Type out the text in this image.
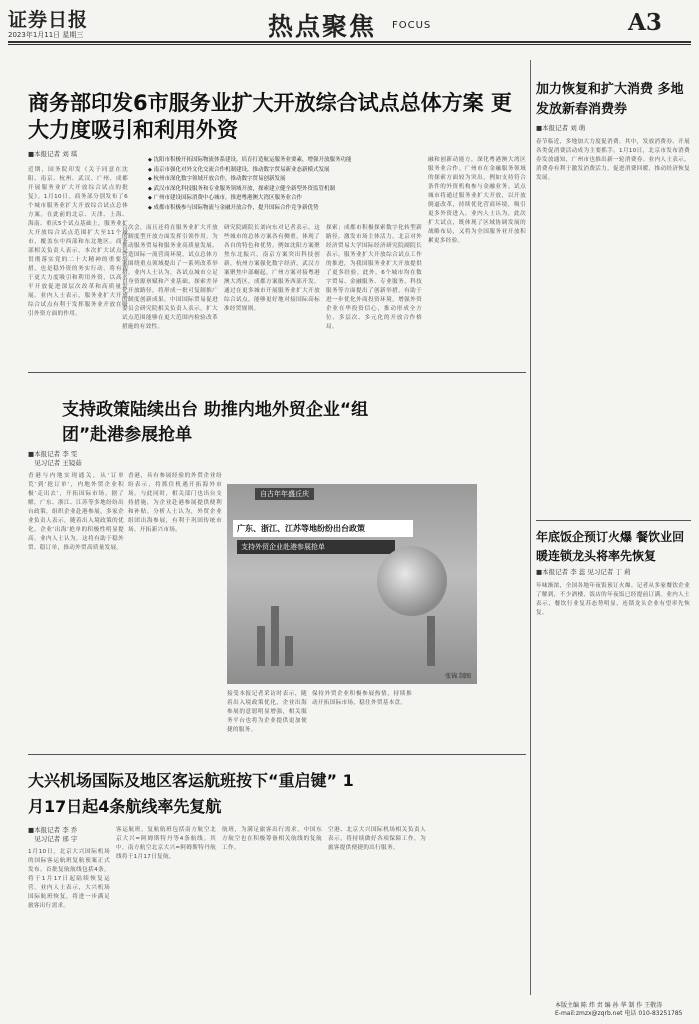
证券日报
2023年1月11日 星期三	热点聚焦 FOCUS	A3
商务部印发6市服务业扩大开放综合试点总体方案 更大力度吸引和利用外资
■本报记者 刘 琪
◆ 沈阳市积极开拓国际物流体系建设，培育打造航运服务业要素，增强开放服务功能
◆ 南京市强化对外文化交流合作机制建设，推动数字贸易新业态新模式发展
◆ 杭州市深化数字领域开放合作，推动数字贸易创新发展
◆ 武汉市深化科技服务和专业服务领域开放，探索建立健全新型外资监管机制
◆ 广州市建设国际消费中心城市，推进粤港澳大湾区服务业合作
◆ 成都市积极参与国际物流与金融开放合作，提升国际合作竞争新优势
近期，国务院印发《关于同意在沈阳、南京、杭州、武汉、广州、成都开展服务业扩大开放综合试点的批复》。1月10日，商务部分别发布了6个城市服务业扩大开放综合试点总体方案。在此前的北京、天津、上海、海南、重庆5个试点基础上，服务业扩大开放综合试点范围扩大至11个城市，覆盖东中西部和东北地区。商务部相关负责人表示，本次扩大试点是贯彻落实党的二十大精神的重要举措，也是稳外资的务实行动，将有利于更大力度吸引和利用外资，以高水平开放促进深层次改革和高质量发展。业内人士表示，服务业扩大开放综合试点有利于发挥服务业开放在吸引外资方面的作用。
合次会，而且还将在服务业扩大开放的制度型开放方面发挥引领作用。为推动服务贸易和服务业高质量发展、营造国际一流营商环境，试点总体方案围绕重点领域提出了一系列改革举措。业内人士认为，各试点城市立足自身资源禀赋和产业基础，探索差异化开放路径，将形成一批可复制推广的制度创新成果。中国国际贸易促进委员会研究院相关负责人表示，扩大试点范围能够在更大范围内检验改革措施的有效性。
研究院副院长刘向东对记者表示，这些城市的总体方案各有侧重，体现了各自的特色和优势。例如沈阳方案聚焦东北振兴，南京方案突出科技创新，杭州方案强化数字经济，武汉方案聚焦中部崛起，广州方案对接粤港澳大湾区，成都方案服务西部开发。通过在更多城市开展服务业扩大开放综合试点，能够更好地对接国际高标准经贸规则。
探索；成都市积极探索数字化转型新路径，激发市场主体活力。北京对外经济贸易大学国际经济研究院副院长表示，服务业扩大开放综合试点工作的推进，为我国服务业扩大开放提供了更多经验。此外，6个城市均在数字贸易、金融服务、专业服务、科技服务等方面提出了创新举措，有助于进一步优化外商投资环境，增强外资企业在华投资信心，推动形成全方位、多层次、多元化的开放合作格局。
融和创新动能方，深化粤港澳大湾区服务业合作。广州市在金融服务领域的探索方面较为突出，例如支持符合条件的外资机构参与金融业务。试点城市将通过服务业扩大开放，以开放倒逼改革，持续优化营商环境，吸引更多外资进入。业内人士认为，此次扩大试点，既体现了区域协调发展的战略布局，又将为全国服务业开放积累更多经验。
支持政策陆续出台 助推内地外贸企业“组团”赴港参展抢单
■本报记者 李 雯
见习记者 王镜茹
香港与内地实现通关，从‘订单荒’到‘抢订单’，内地外贸企业积极‘走出去’，开拓国际市场。据了解，广东、浙江、江苏等多地纷纷出台政策，组织企业赴港参展。多家企业负责人表示，随着出入境政策的优化，企业‘出海’抢单的积极性明显提高。业内人士认为，这将有助于稳外贸、稳订单，推动外贸高质量发展。
香港，具有参展经验的外贸企业纷纷表示，将抓住机遇开拓海外市场。与此同时，相关部门也出台支持措施，为企业赴港参展提供便利和补贴。分析人士认为，外贸企业组团出海参展，有利于巩固传统市场、开拓新兴市场。
自古年年盛丘庆
广东、浙江、江苏等地纷纷出台政策
支持外贸企业赴港参展抢单
张锦 制图
接受本报记者采访时表示，随着出入境政策优化，企业出海参展的意愿明显增强，相关服务平台也将为企业提供更加便捷的服务。
保持外贸企业积极参展热情，持续推动开拓国际市场，稳住外贸基本盘。
大兴机场国际及地区客运航班按下“重启键” 1月17日起4条航线率先复航
■本报记者 李 乔
见习记者 邢 宇
1月10日，北京大兴国际机场的国际客运航班复航预案正式发布。首批复航航线包括4条，将于1月17日起陆续恢复运营。业内人士表示，大兴机场国际航班恢复，将进一步满足旅客出行需求。
客运航班，复航航班包括南方航空北京大兴=阿姆斯特丹等4条航线。其中，南方航空北京大兴=阿姆斯特丹航线将于1月17日复航。
航班，为满足旅客出行需求，中国东方航空也在积极筹备相关航线的复航工作。
空港、北京大兴国际机场相关负责人表示，将持续做好各项保障工作，为旅客提供便捷的出行服务。
加力恢复和扩大消费 多地发放新春消费券
■本报记者 刘 萌
春节临近，多地加大力度促消费。其中，发放消费券、开展各类促消费活动成为主要抓手。1月10日，北京市发布消费券发放通知，广州市也推出新一轮消费券。业内人士表示，消费券有利于激发消费活力，促进消费回暖，推动经济恢复发展。
年底饭企预订火爆 餐饮业回暖连锁龙头将率先恢复
■本报记者 李 蕊 见习记者 丁 莉
年味渐浓，全国各地年夜饭预订火爆。记者从多家餐饮企业了解到，不少酒楼、饭店的年夜饭已经提前订满。业内人士表示，餐饮行业复苏态势明显，连锁龙头企业有望率先恢复。
本版主编 陈 炜 责 编 孙 华 制 作 王敬涛
E-mail:zmzx@zqrb.net 电话 010-83251785
